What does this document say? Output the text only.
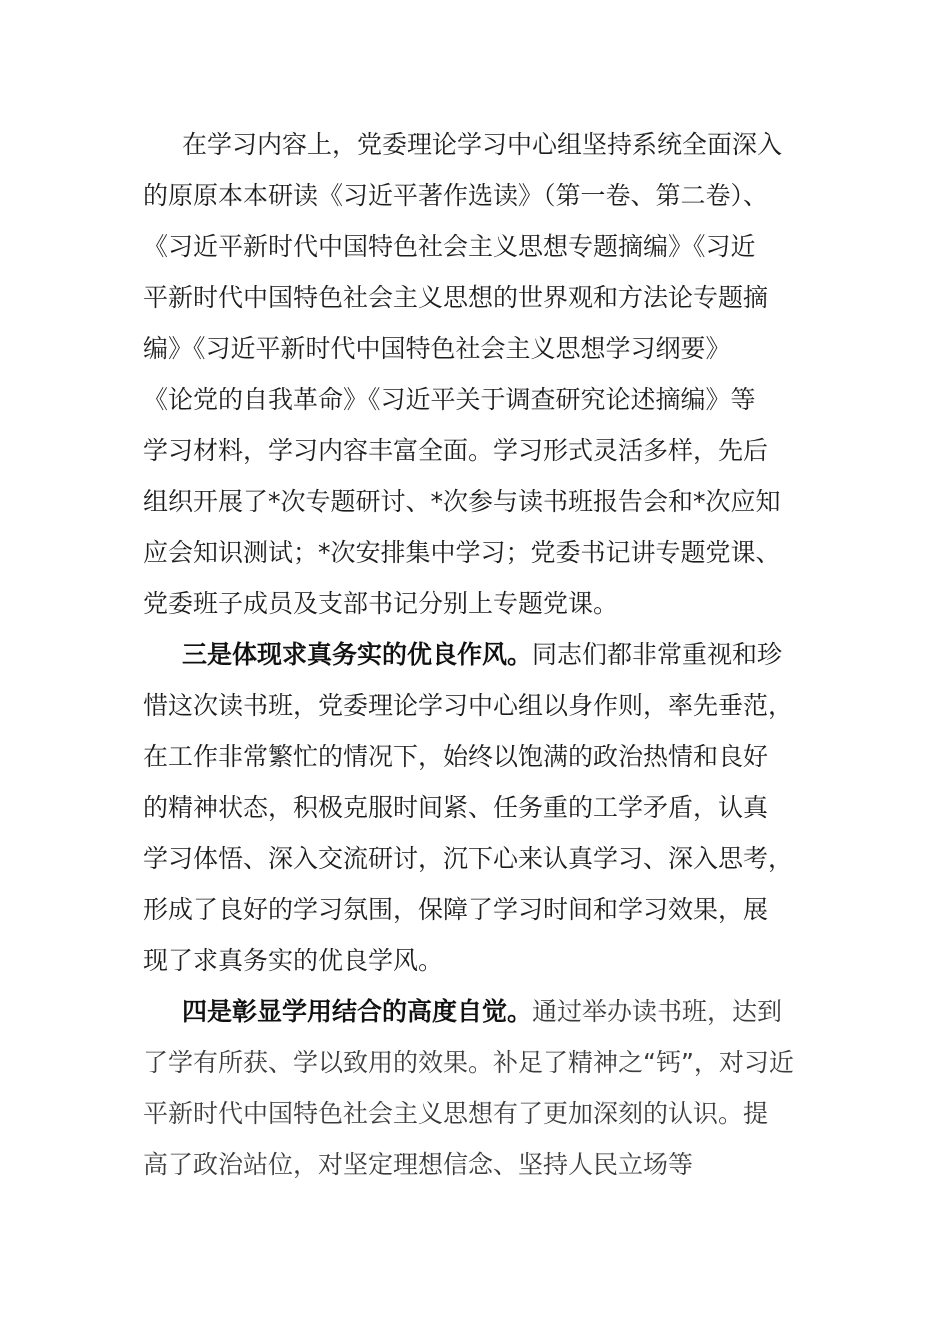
在学习内容上，党委理论学习中心组坚持系统全面深入
的原原本本研读《习近平著作选读》（第一卷、第二卷）、
《习近平新时代中国特色社会主义思想专题摘编》《习近
平新时代中国特色社会主义思想的世界观和方法论专题摘
编》《习近平新时代中国特色社会主义思想学习纲要》
《论党的自我革命》《习近平关于调查研究论述摘编》等
学习材料，学习内容丰富全面。学习形式灵活多样，先后
组织开展了*次专题研讨、*次参与读书班报告会和*次应知
应会知识测试；*次安排集中学习；党委书记讲专题党课、
党委班子成员及支部书记分别上专题党课。
三是体现求真务实的优良作风。同志们都非常重视和珍
惜这次读书班，党委理论学习中心组以身作则，率先垂范，
在工作非常繁忙的情况下，始终以饱满的政治热情和良好
的精神状态，积极克服时间紧、任务重的工学矛盾，认真
学习体悟、深入交流研讨，沉下心来认真学习、深入思考，
形成了良好的学习氛围，保障了学习时间和学习效果，展
现了求真务实的优良学风。
四是彰显学用结合的高度自觉。通过举办读书班，达到
了学有所获、学以致用的效果。补足了精神之“钙”，对习近
平新时代中国特色社会主义思想有了更加深刻的认识。提
高了政治站位，对坚定理想信念、坚持人民立场等
